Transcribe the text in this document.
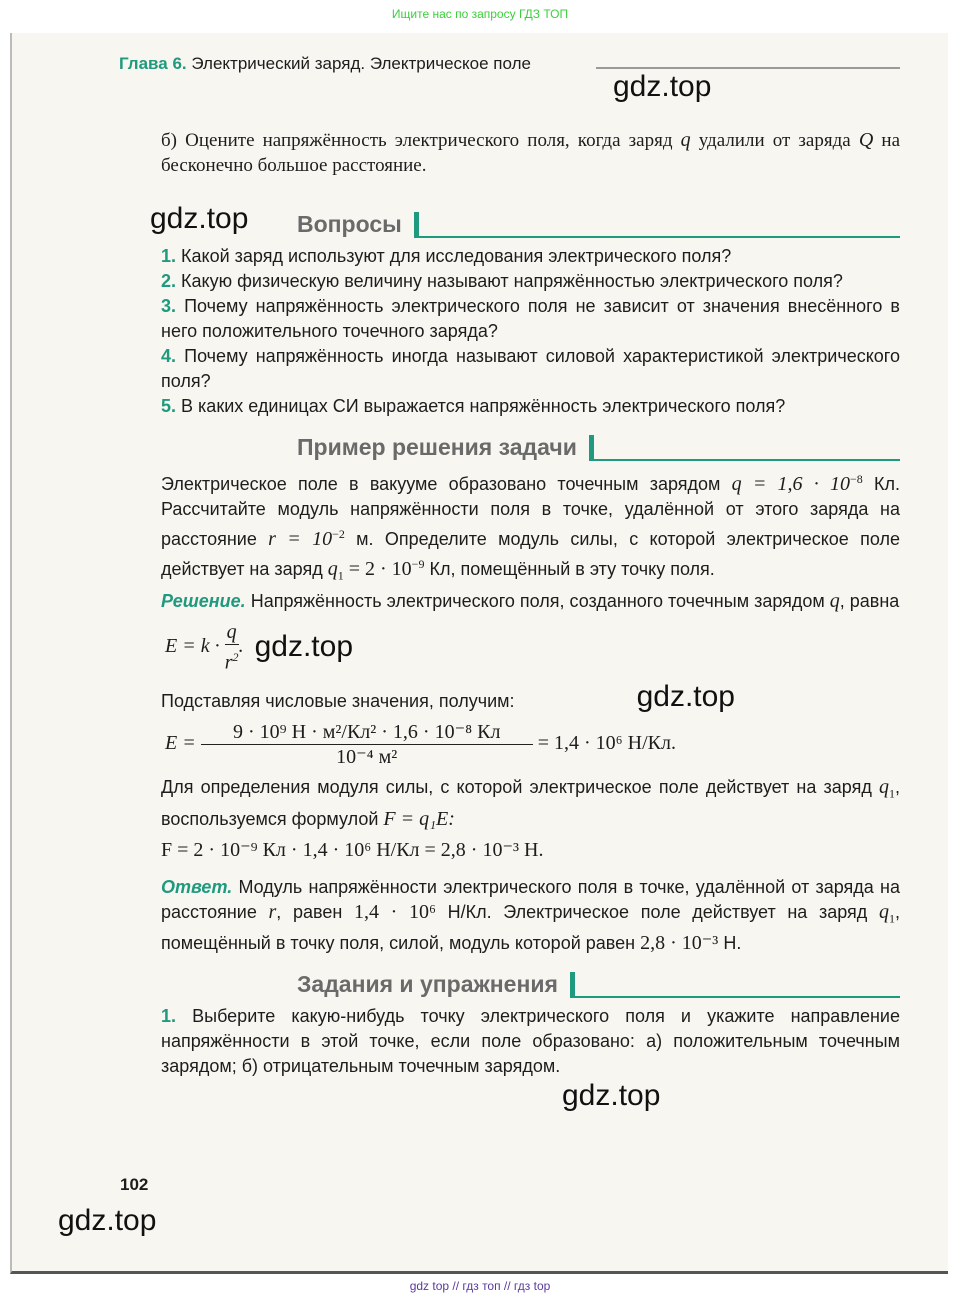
Ищите нас по запросу ГДЗ ТОП
Глава 6. Электрический заряд. Электрическое поле
gdz.top

б) Оцените напряжённость электрического поля, когда заряд q удалили от заряда Q на бесконечно большое расстояние.

gdz.top Вопросы

1. Какой заряд используют для исследования электрического поля?

2. Какую физическую величину называют напряжённостью электрического поля?

3. Почему напряжённость электрического поля не зависит от значения внесённого в него положительного точечного заряда?

4. Почему напряжённость иногда называют силовой характеристикой электрического поля?

5. В каких единицах СИ выражается напряжённость электрического поля?

Пример решения задачи

Электрическое поле в вакууме образовано точечным зарядом $q = 1,6 \cdot 10^{-8}$ Кл. Рассчитайте модуль напряжённости поля в точке, удалённой от этого заряда на расстояние $r = 10^{-2}$ м. Определите модуль силы, с которой электрическое поле действует на заряд $q_1 = 2 \cdot 10^{-9}$ Кл, помещённый в эту точку поля.

Решение. Напряжённость электрического поля, созданного точечным зарядом q, равна

$E = k \cdot \frac{q}{r^2}$ . gdz.top
Подставляя числовые значения, получим:	gdz.top
$E = \frac{\text{9 · 10⁹ Н · м²/Кл² · 1,6 · 10⁻⁸ Кл}}{\text{10⁻⁴ м²}} = 1,4 \cdot 10^6$ Н/Кл.

Для определения модуля силы, с которой электрическое поле действует на заряд $q_1$, воспользуемся формулой F = q₁E:

F = 2 · 10⁻⁹ Кл · 1,4 · 10⁶ Н/Кл = 2,8 · 10⁻³ Н.

Ответ. Модуль напряжённости электрического поля в точке, удалённой от заряда на расстояние r, равен 1,4 · 10⁶ Н/Кл. Электрическое поле действует на заряд $q_1$, помещённый в точку поля, силой, модуль которой равен 2,8 · 10⁻³ Н.

Задания и упражнения

1. Выберите какую-нибудь точку электрического поля и укажите направление напряжённости в этой точке, если поле образовано: а) положительным точечным зарядом; б) отрицательным точечным зарядом.

gdz.top
102
gdz.top
gdz top // гдз топ // гдз top
